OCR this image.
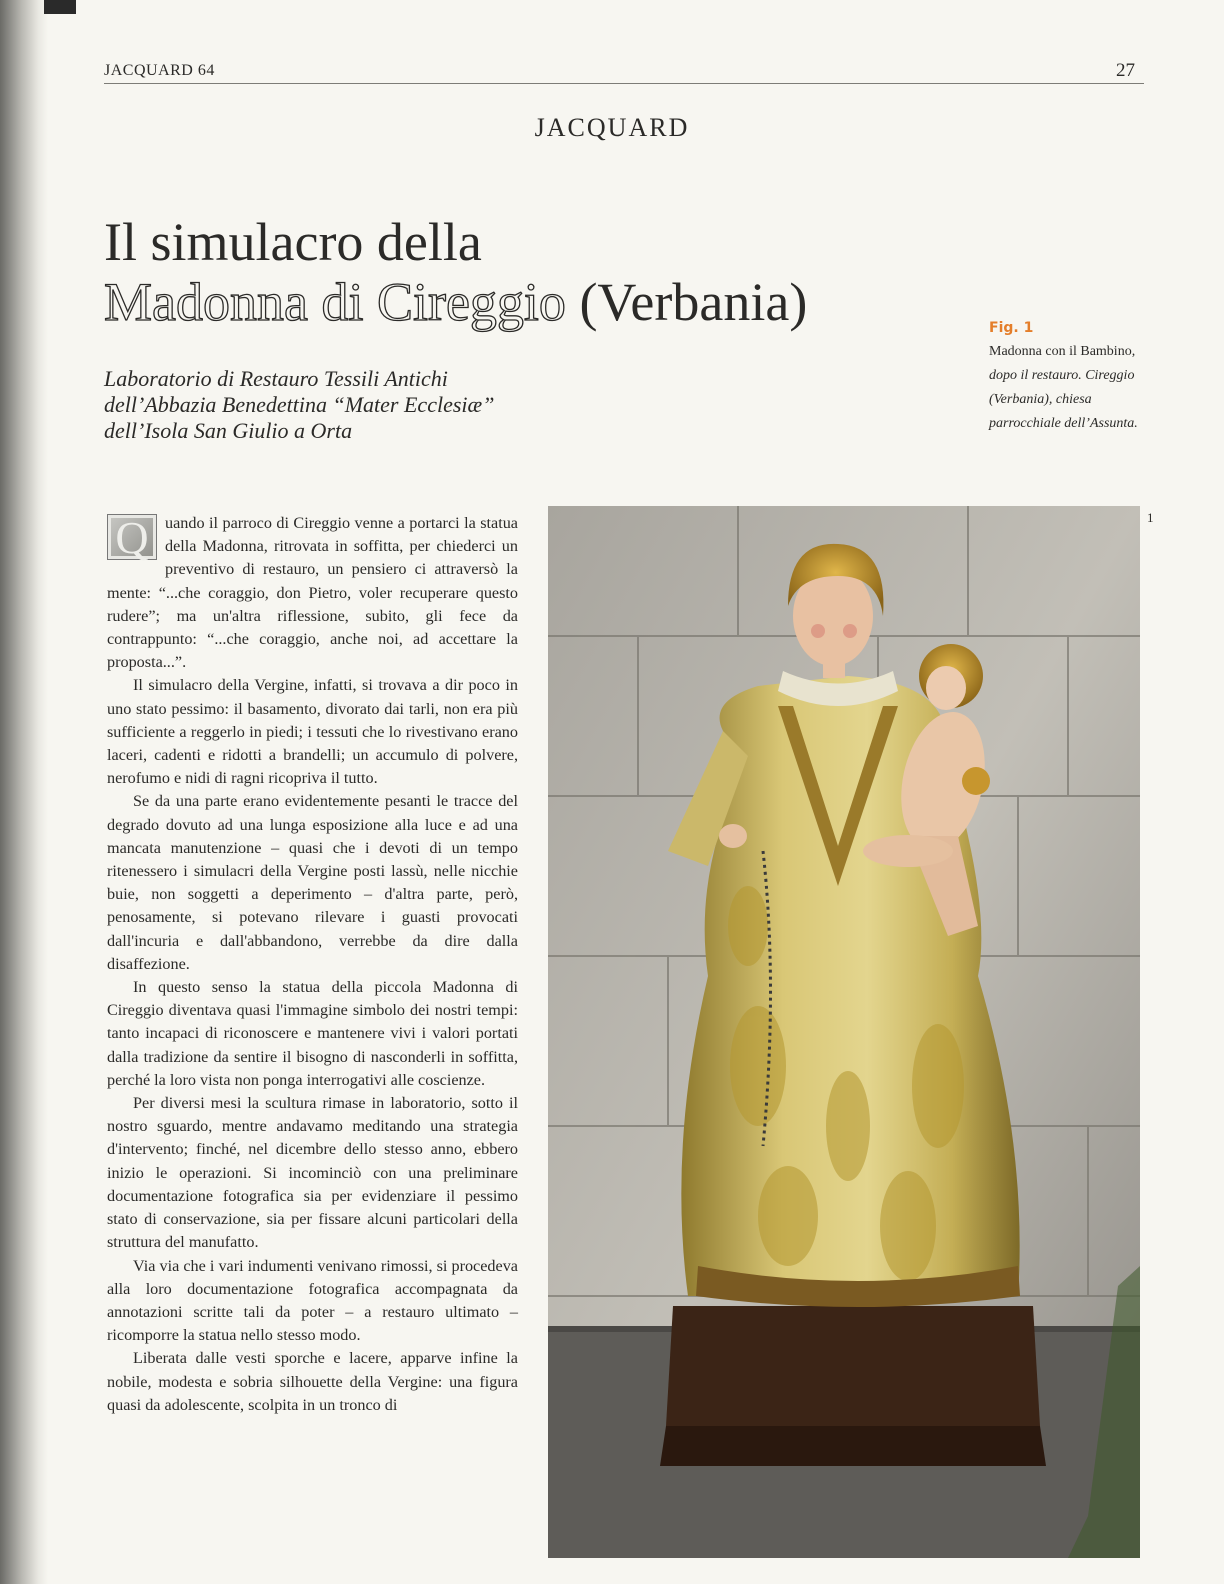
JACQUARD 64	27
JACQUARD
Il simulacro della
Madonna di Cireggio (Verbania)
Laboratorio di Restauro Tessili Antichi
dell’Abbazia Benedettina “Mater Ecclesiæ”
dell’Isola San Giulio a Orta
Fig. 1
Madonna con il Bambino, dopo il restauro. Cireggio (Verbania), chiesa parrocchiale dell’Assunta.
1

Q	uando il parroco di Cireggio venne a portarci la statua della Madonna, ritrovata in soffitta, per chiederci un preventivo di restauro, un pensiero ci attraversò la mente: “...che coraggio, don Pietro, voler recuperare questo rudere”; ma un'altra riflessione, subito, gli fece da contrappunto: “...che coraggio, anche noi, ad accettare la proposta...”.

Il simulacro della Vergine, infatti, si trovava a dir poco in uno stato pessimo: il basamento, divorato dai tarli, non era più sufficiente a reggerlo in piedi; i tessuti che lo rivestivano erano laceri, cadenti e ridotti a brandelli; un accumulo di polvere, nerofumo e nidi di ragni ricopriva il tutto.

Se da una parte erano evidentemente pesanti le tracce del degrado dovuto ad una lunga esposizione alla luce e ad una mancata manutenzione – quasi che i devoti di un tempo ritenessero i simulacri della Vergine posti lassù, nelle nicchie buie, non soggetti a deperimento – d'altra parte, però, penosamente, si potevano rilevare i guasti provocati dall'incuria e dall'abbandono, verrebbe da dire dalla disaffezione.

In questo senso la statua della piccola Madonna di Cireggio diventava quasi l'immagine simbolo dei nostri tempi: tanto incapaci di riconoscere e mantenere vivi i valori portati dalla tradizione da sentire il bisogno di nasconderli in soffitta, perché la loro vista non ponga interrogativi alle coscienze.

Per diversi mesi la scultura rimase in laboratorio, sotto il nostro sguardo, mentre andavamo meditando una strategia d'intervento; finché, nel dicembre dello stesso anno, ebbero inizio le operazioni. Si incominciò con una preliminare documentazione fotografica sia per evidenziare il pessimo stato di conservazione, sia per fissare alcuni particolari della struttura del manufatto.

Via via che i vari indumenti venivano rimossi, si procedeva alla loro documentazione fotografica accompagnata da annotazioni scritte tali da poter – a restauro ultimato – ricomporre la statua nello stesso modo.

Liberata dalle vesti sporche e lacere, apparve infine la nobile, modesta e sobria silhouette della Vergine: una figura quasi da adolescente, scolpita in un tronco di
